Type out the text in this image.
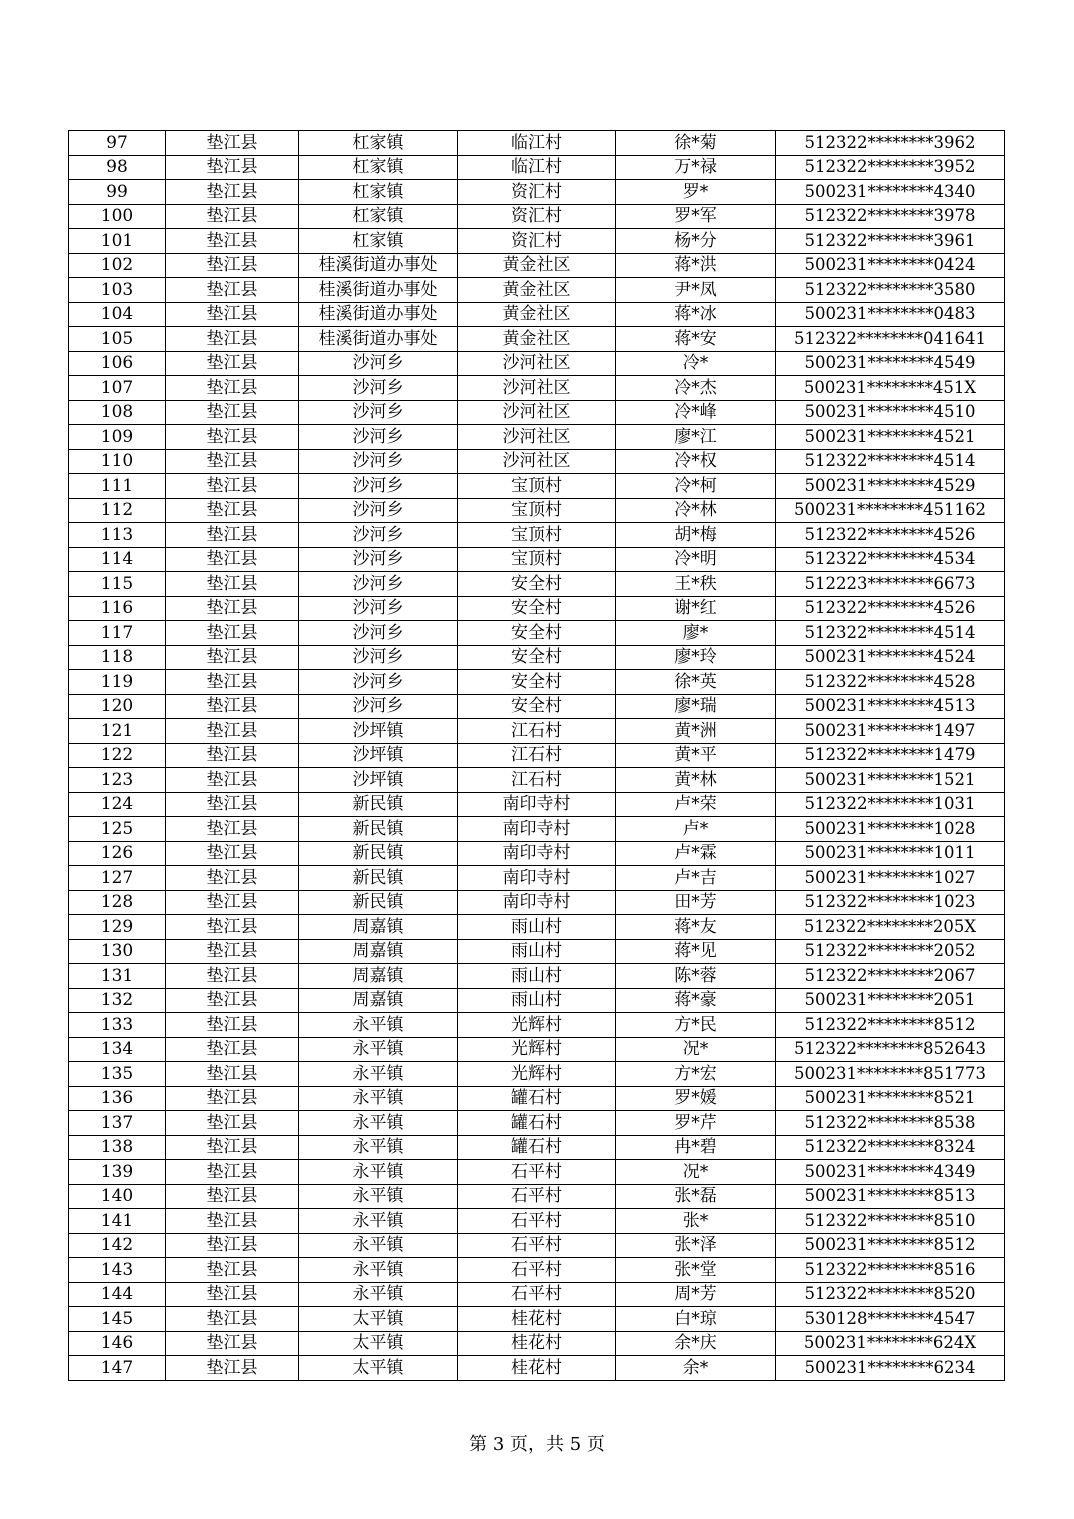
97	垫江县	杠家镇	临江村	徐*菊	512322********3962
98	垫江县	杠家镇	临江村	万*禄	512322********3952
99	垫江县	杠家镇	资汇村	罗*	500231********4340
100	垫江县	杠家镇	资汇村	罗*军	512322********3978
101	垫江县	杠家镇	资汇村	杨*分	512322********3961
102	垫江县	桂溪街道办事处	黄金社区	蒋*洪	500231********0424
103	垫江县	桂溪街道办事处	黄金社区	尹*凤	512322********3580
104	垫江县	桂溪街道办事处	黄金社区	蒋*冰	500231********0483
105	垫江县	桂溪街道办事处	黄金社区	蒋*安	512322********041641
106	垫江县	沙河乡	沙河社区	冷*	500231********4549
107	垫江县	沙河乡	沙河社区	冷*杰	500231********451X
108	垫江县	沙河乡	沙河社区	冷*峰	500231********4510
109	垫江县	沙河乡	沙河社区	廖*江	500231********4521
110	垫江县	沙河乡	沙河社区	冷*权	512322********4514
111	垫江县	沙河乡	宝顶村	冷*柯	500231********4529
112	垫江县	沙河乡	宝顶村	冷*林	500231********451162
113	垫江县	沙河乡	宝顶村	胡*梅	512322********4526
114	垫江县	沙河乡	宝顶村	冷*明	512322********4534
115	垫江县	沙河乡	安全村	王*秩	512223********6673
116	垫江县	沙河乡	安全村	谢*红	512322********4526
117	垫江县	沙河乡	安全村	廖*	512322********4514
118	垫江县	沙河乡	安全村	廖*玲	500231********4524
119	垫江县	沙河乡	安全村	徐*英	512322********4528
120	垫江县	沙河乡	安全村	廖*瑞	500231********4513
121	垫江县	沙坪镇	江石村	黄*洲	500231********1497
122	垫江县	沙坪镇	江石村	黄*平	512322********1479
123	垫江县	沙坪镇	江石村	黄*林	500231********1521
124	垫江县	新民镇	南印寺村	卢*荣	512322********1031
125	垫江县	新民镇	南印寺村	卢*	500231********1028
126	垫江县	新民镇	南印寺村	卢*霖	500231********1011
127	垫江县	新民镇	南印寺村	卢*吉	500231********1027
128	垫江县	新民镇	南印寺村	田*芳	512322********1023
129	垫江县	周嘉镇	雨山村	蒋*友	512322********205X
130	垫江县	周嘉镇	雨山村	蒋*见	512322********2052
131	垫江县	周嘉镇	雨山村	陈*蓉	512322********2067
132	垫江县	周嘉镇	雨山村	蒋*豪	500231********2051
133	垫江县	永平镇	光辉村	方*民	512322********8512
134	垫江县	永平镇	光辉村	况*	512322********852643
135	垫江县	永平镇	光辉村	方*宏	500231********851773
136	垫江县	永平镇	罐石村	罗*媛	500231********8521
137	垫江县	永平镇	罐石村	罗*芹	512322********8538
138	垫江县	永平镇	罐石村	冉*碧	512322********8324
139	垫江县	永平镇	石平村	况*	500231********4349
140	垫江县	永平镇	石平村	张*磊	500231********8513
141	垫江县	永平镇	石平村	张*	512322********8510
142	垫江县	永平镇	石平村	张*泽	500231********8512
143	垫江县	永平镇	石平村	张*堂	512322********8516
144	垫江县	永平镇	石平村	周*芳	512322********8520
145	垫江县	太平镇	桂花村	白*琼	530128********4547
146	垫江县	太平镇	桂花村	余*庆	500231********624X
147	垫江县	太平镇	桂花村	余*	500231********6234
第 3 页，共 5 页
